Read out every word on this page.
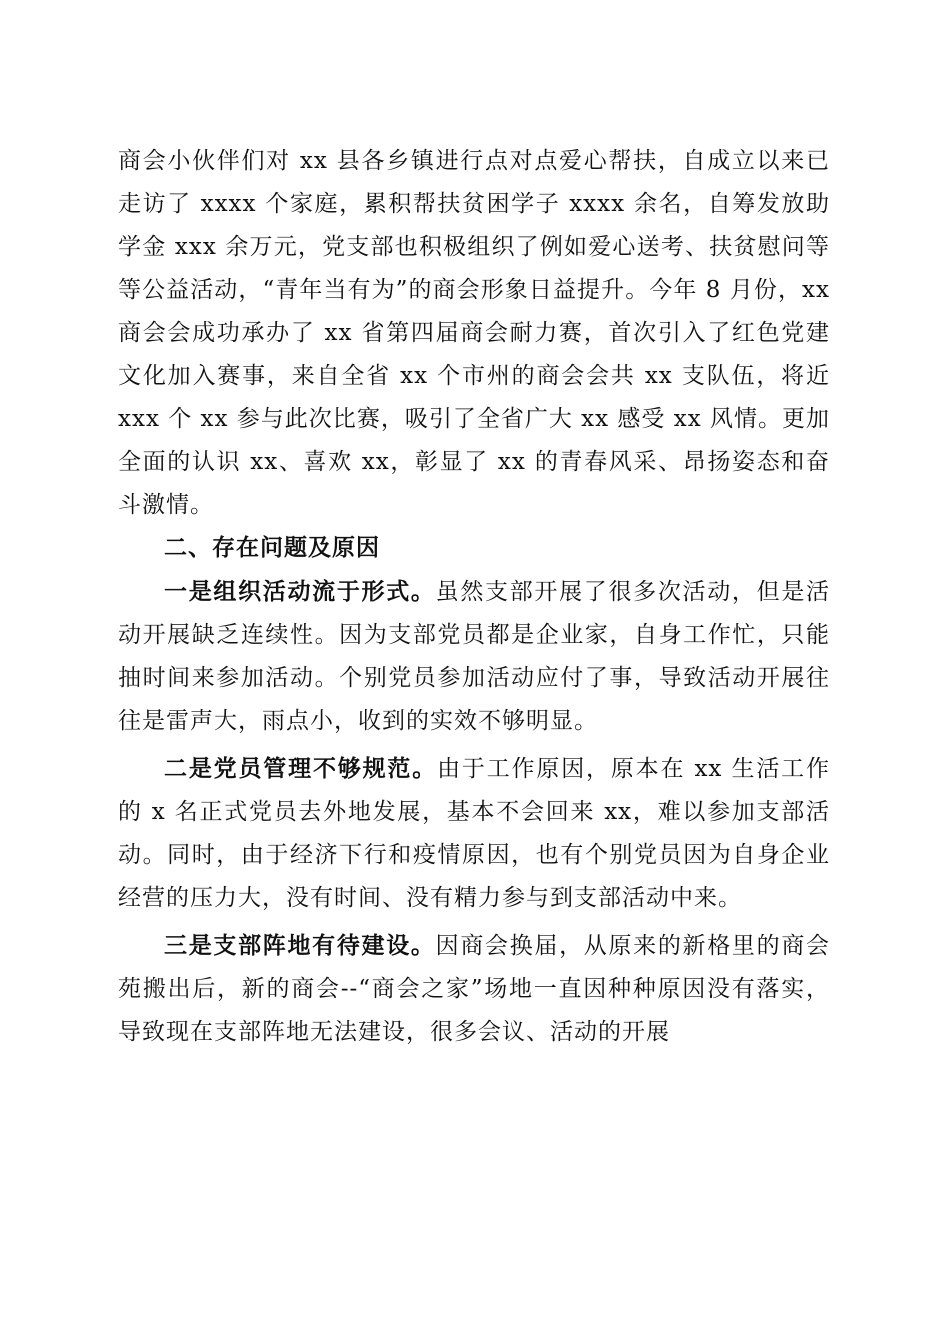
商会小伙伴们对 xx 县各乡镇进行点对点爱心帮扶，自成立以来已走访了 xxxx 个家庭，累积帮扶贫困学子 xxxx 余名，自筹发放助学金 xxx 余万元，党支部也积极组织了例如爱心送考、扶贫慰问等等公益活动，“青年当有为”的商会形象日益提升。今年 8 月份，xx 商会会成功承办了 xx 省第四届商会耐力赛，首次引入了红色党建文化加入赛事，来自全省 xx 个市州的商会会共 xx 支队伍，将近 xxx 个 xx 参与此次比赛，吸引了全省广大 xx 感受 xx 风情。更加全面的认识 xx、喜欢 xx，彰显了 xx 的青春风采、昂扬姿态和奋斗激情。

二、存在问题及原因

一是组织活动流于形式。虽然支部开展了很多次活动，但是活动开展缺乏连续性。因为支部党员都是企业家，自身工作忙，只能抽时间来参加活动。个别党员参加活动应付了事，导致活动开展往往是雷声大，雨点小，收到的实效不够明显。

二是党员管理不够规范。由于工作原因，原本在 xx 生活工作的 x 名正式党员去外地发展，基本不会回来 xx，难以参加支部活动。同时，由于经济下行和疫情原因，也有个别党员因为自身企业经营的压力大，没有时间、没有精力参与到支部活动中来。

三是支部阵地有待建设。因商会换届，从原来的新格里的商会苑搬出后，新的商会--“商会之家”场地一直因种种原因没有落实，导致现在支部阵地无法建设，很多会议、活动的开展
